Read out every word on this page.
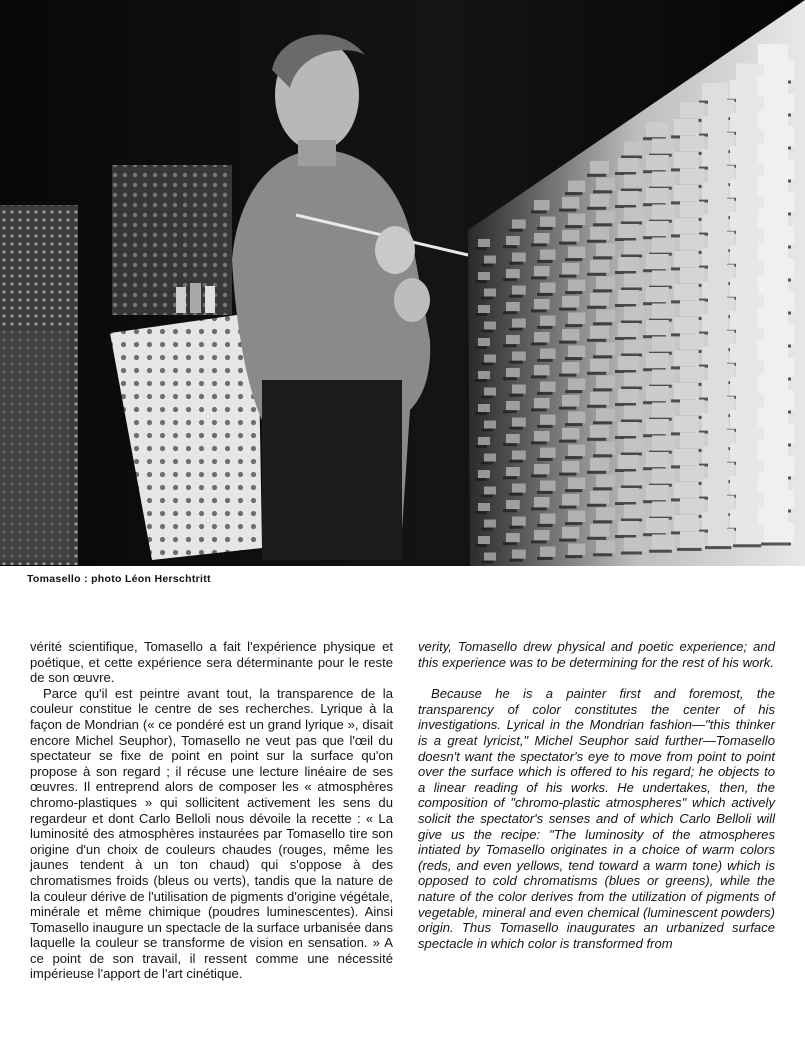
Tomasello : photo Léon Herschtritt

vérité scientifique, Tomasello a fait l'expérience physique et poétique, et cette expérience sera déterminante pour le reste de son œuvre.

Parce qu'il est peintre avant tout, la transparence de la couleur constitue le centre de ses recherches. Lyrique à la façon de Mondrian (« ce pondéré est un grand lyrique », disait encore Michel Seuphor), Tomasello ne veut pas que l'œil du spectateur se fixe de point en point sur la surface qu'on propose à son regard ; il récuse une lecture linéaire de ses œuvres. Il entreprend alors de composer les « atmosphères chromo-plastiques » qui sollicitent activement les sens du regardeur et dont Carlo Belloli nous dévoile la recette : « La luminosité des atmosphères instaurées par Tomasello tire son origine d'un choix de couleurs chaudes (rouges, même les jaunes tendent à un ton chaud) qui s'oppose à des chromatismes froids (bleus ou verts), tandis que la nature de la couleur dérive de l'utilisation de pigments d'origine végétale, minérale et même chimique (poudres luminescentes). Ainsi Tomasello inaugure un spectacle de la surface urbanisée dans laquelle la couleur se transforme de vision en sensation. » A ce point de son travail, il ressent comme une nécessité impérieuse l'apport de l'art cinétique.

verity, Tomasello drew physical and poetic experience; and this experience was to be determining for the rest of his work.

Because he is a painter first and foremost, the transparency of color constitutes the center of his investigations. Lyrical in the Mondrian fashion—"this thinker is a great lyricist," Michel Seuphor said further—Tomasello doesn't want the spectator's eye to move from point to point over the surface which is offered to his regard; he objects to a linear reading of his works. He undertakes, then, the composition of "chromo-plastic atmospheres" which actively solicit the spectator's senses and of which Carlo Belloli will give us the recipe: "The luminosity of the atmospheres intiated by Tomasello originates in a choice of warm colors (reds, and even yellows, tend toward a warm tone) which is opposed to cold chromatisms (blues or greens), while the nature of the color derives from the utilization of pigments of vegetable, mineral and even chemical (luminescent powders) origin. Thus Tomasello inaugurates an urbanized surface spectacle in which color is transformed from
